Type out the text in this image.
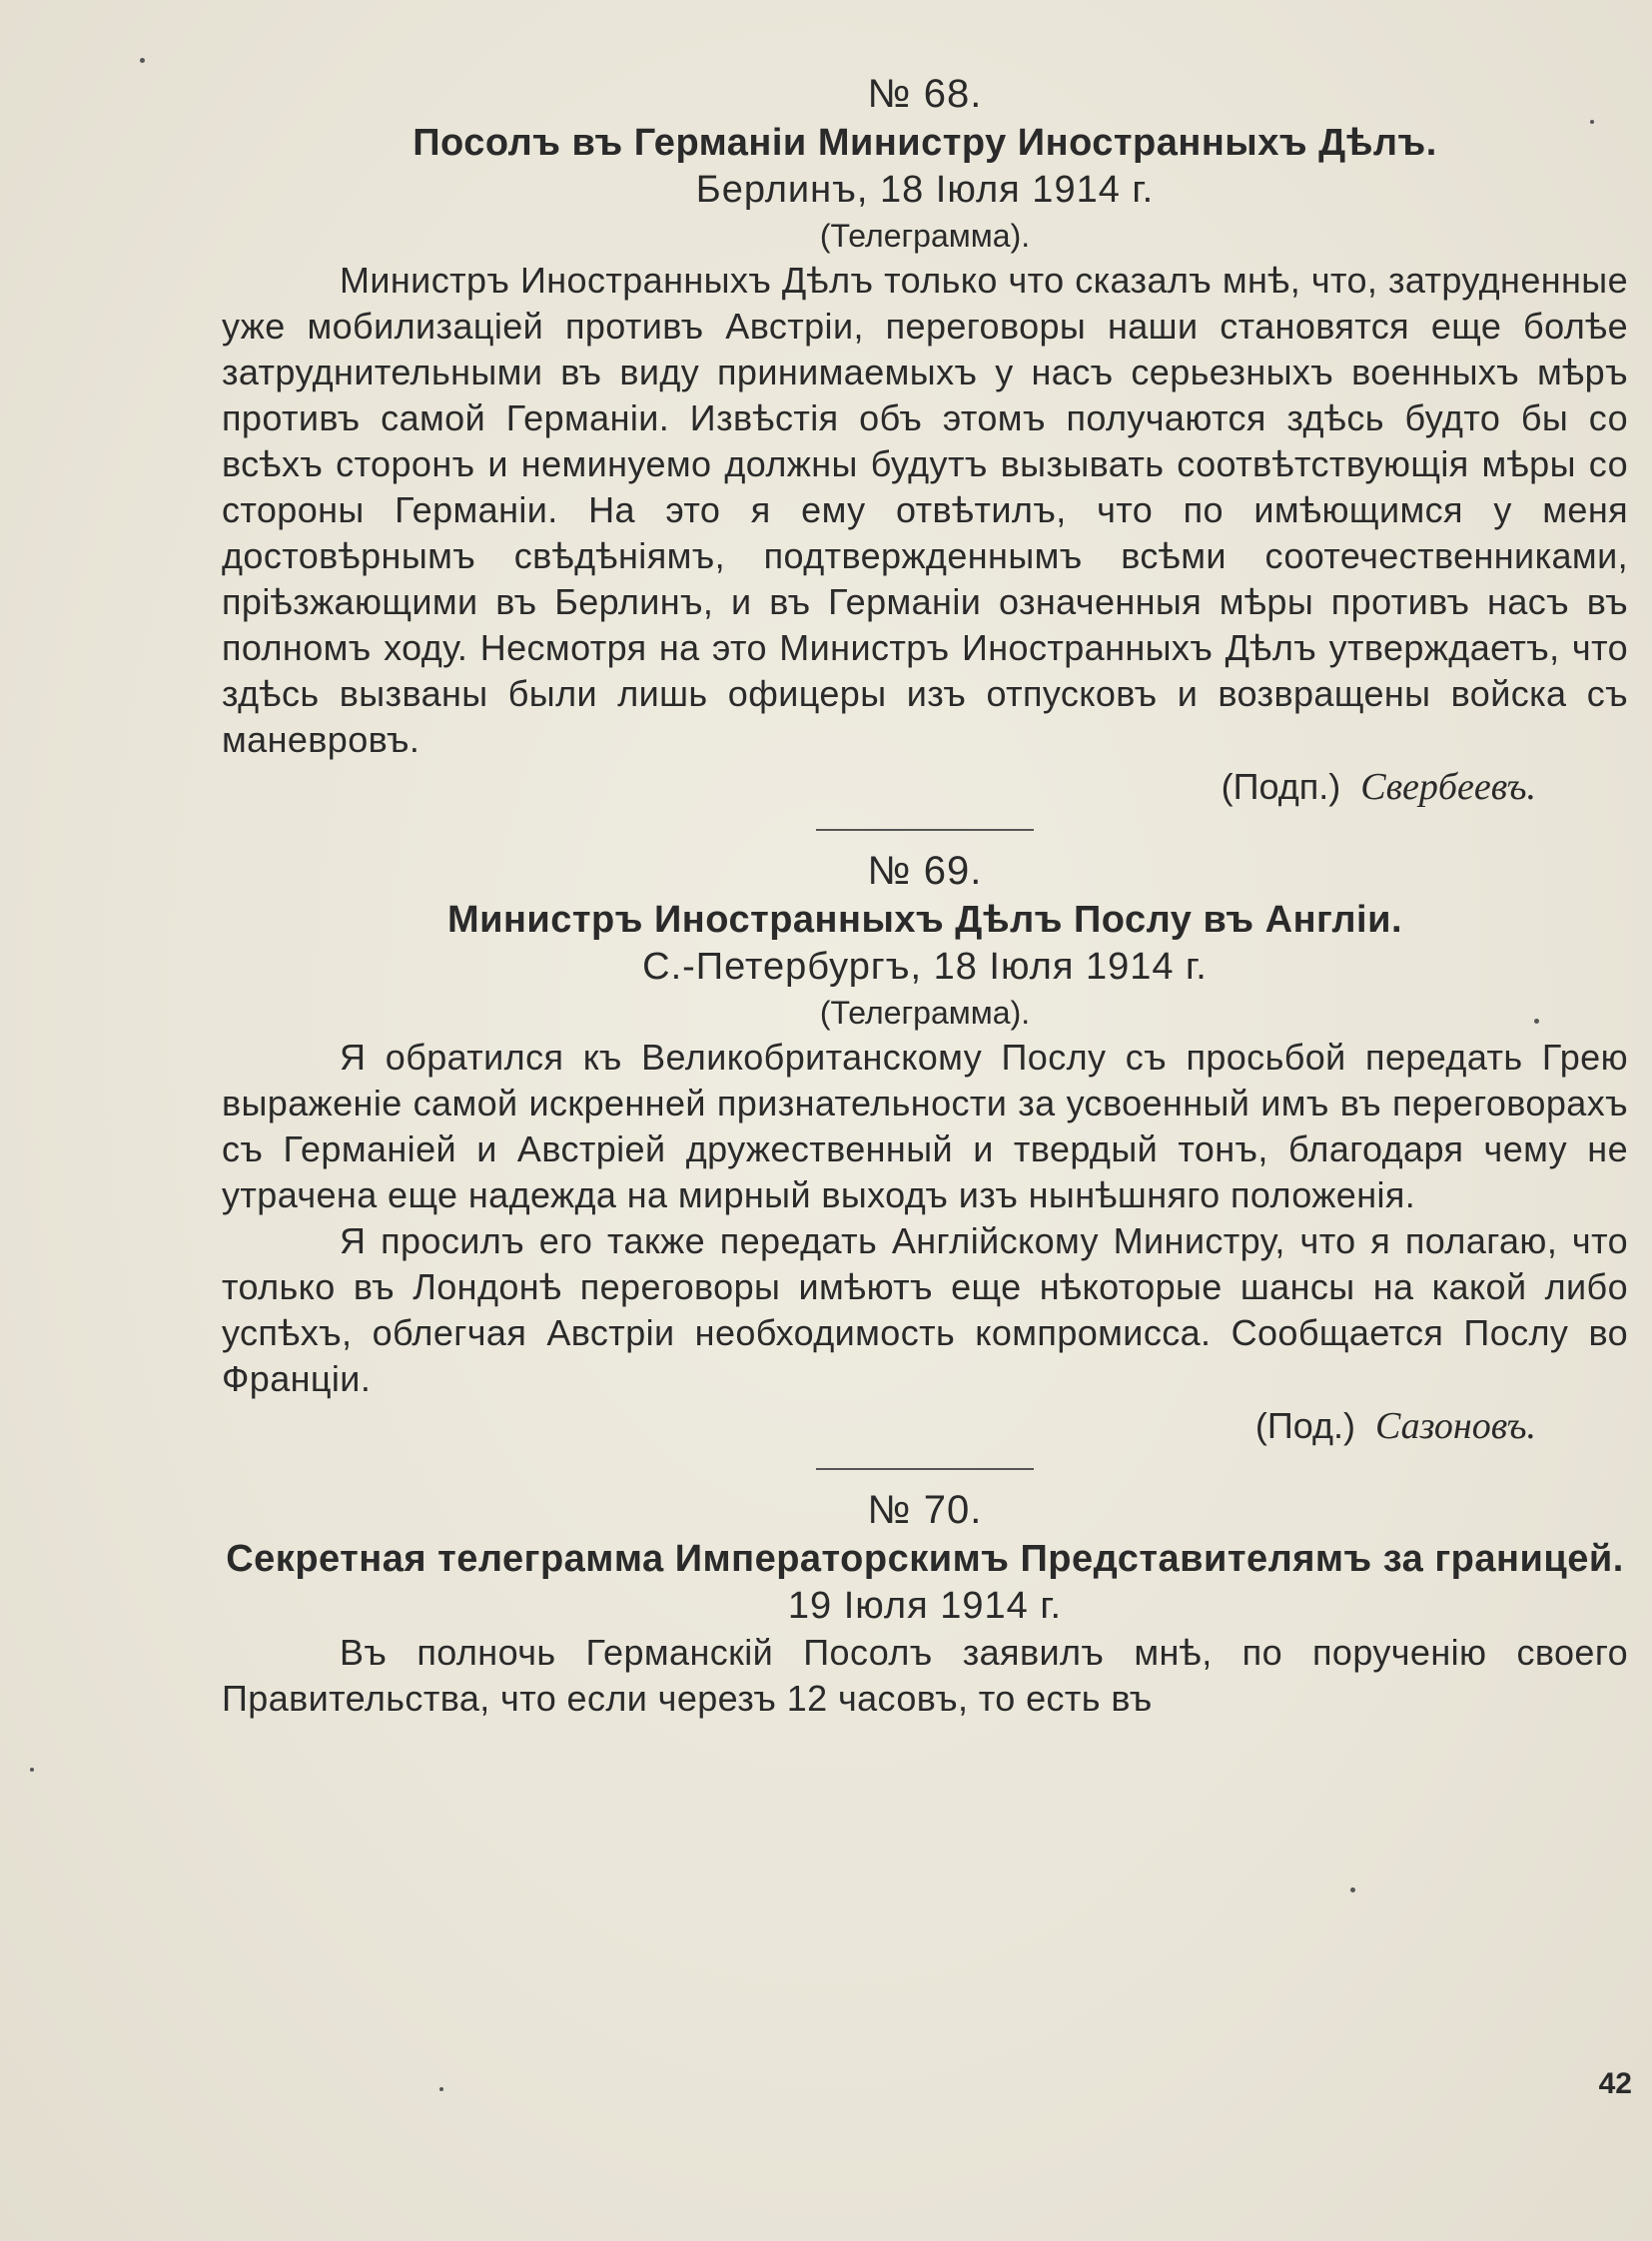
№ 68.
Посолъ въ Германіи Министру Иностранныхъ Дѣлъ.
Берлинъ, 18 Іюля 1914 г.
(Телеграмма).

Министръ Иностранныхъ Дѣлъ только что сказалъ мнѣ, что, затрудненные уже мобилизаціей противъ Австріи, переговоры наши становятся еще болѣе затруднительными въ виду принимаемыхъ у насъ серьезныхъ военныхъ мѣръ противъ самой Германіи. Извѣстія объ этомъ получаются здѣсь будто бы со всѣхъ сторонъ и неминуемо должны будутъ вызывать соотвѣтствующія мѣры со стороны Германіи. На это я ему отвѣтилъ, что по имѣющимся у меня достовѣрнымъ свѣдѣніямъ, подтвержденнымъ всѣми соотечественниками, пріѣзжающими въ Берлинъ, и въ Германіи означенныя мѣры противъ насъ въ полномъ ходу. Несмотря на это Министръ Иностранныхъ Дѣлъ утверждаетъ, что здѣсь вызваны были лишь офицеры изъ отпусковъ и возвращены войска съ маневровъ.

(Подп.) Свербеевъ.
№ 69.
Министръ Иностранныхъ Дѣлъ Послу въ Англіи.
С.-Петербургъ, 18 Іюля 1914 г.
(Телеграмма).

Я обратился къ Великобританскому Послу съ просьбой передать Грею выраженіе самой искренней признательности за усвоенный имъ въ переговорахъ съ Германіей и Австріей дружественный и твердый тонъ, благодаря чему не утрачена еще надежда на мирный выходъ изъ нынѣшняго положенія.

Я просилъ его также передать Англійскому Министру, что я полагаю, что только въ Лондонѣ переговоры имѣютъ еще нѣкоторые шансы на какой либо успѣхъ, облегчая Австріи необходимость компромисса. Сообщается Послу во Франціи.

(Под.) Сазоновъ.
№ 70.
Секретная телеграмма Императорскимъ Представителямъ за границей.
19 Іюля 1914 г.

Въ полночь Германскій Посолъ заявилъ мнѣ, по порученію своего Правительства, что если черезъ 12 часовъ, то есть въ

42
